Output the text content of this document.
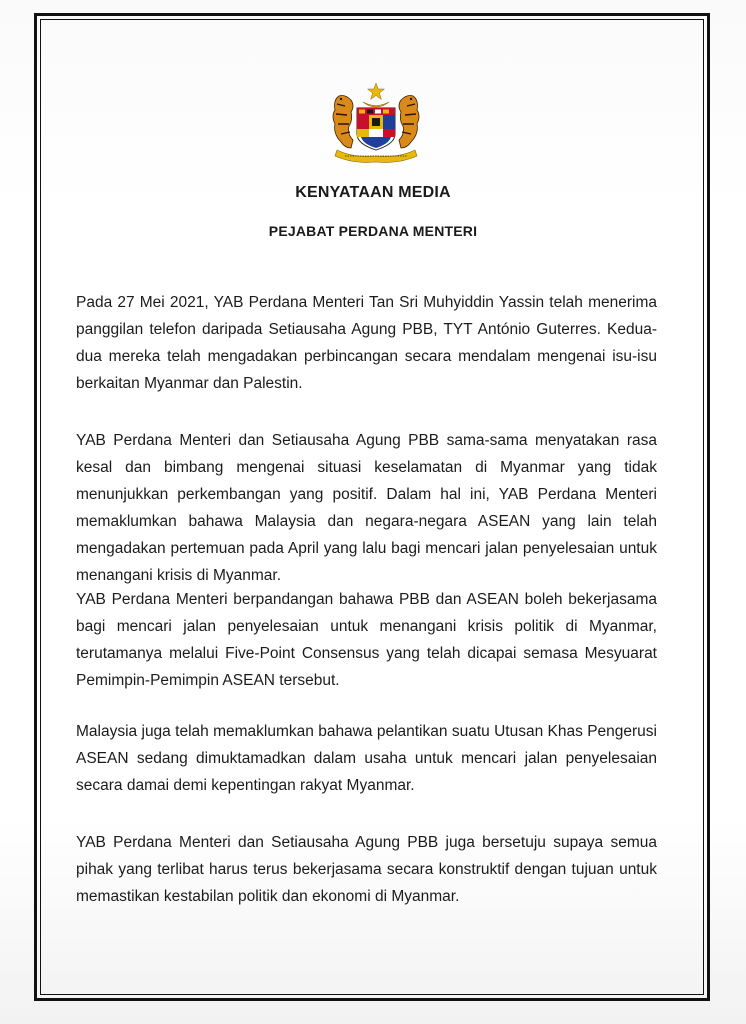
KENYATAAN MEDIA
PEJABAT PERDANA MENTERI
Pada 27 Mei 2021, YAB Perdana Menteri Tan Sri Muhyiddin Yassin telah menerima panggilan telefon daripada Setiausaha Agung PBB, TYT António Guterres. Kedua-dua mereka telah mengadakan perbincangan secara mendalam mengenai isu-isu berkaitan Myanmar dan Palestin.
YAB Perdana Menteri dan Setiausaha Agung PBB sama-sama menyatakan rasa kesal dan bimbang mengenai situasi keselamatan di Myanmar yang tidak menunjukkan perkembangan yang positif. Dalam hal ini, YAB Perdana Menteri memaklumkan bahawa Malaysia dan negara-negara ASEAN yang lain telah mengadakan pertemuan pada April yang lalu bagi mencari jalan penyelesaian untuk menangani krisis di Myanmar.
YAB Perdana Menteri berpandangan bahawa PBB dan ASEAN boleh bekerjasama bagi mencari jalan penyelesaian untuk menangani krisis politik di Myanmar, terutamanya melalui Five-Point Consensus yang telah dicapai semasa Mesyuarat Pemimpin-Pemimpin ASEAN tersebut.
Malaysia juga telah memaklumkan bahawa pelantikan suatu Utusan Khas Pengerusi ASEAN sedang dimuktamadkan dalam usaha untuk mencari jalan penyelesaian secara damai demi kepentingan rakyat Myanmar.
YAB Perdana Menteri dan Setiausaha Agung PBB juga bersetuju supaya semua pihak yang terlibat harus terus bekerjasama secara konstruktif dengan tujuan untuk memastikan kestabilan politik dan ekonomi di Myanmar.
